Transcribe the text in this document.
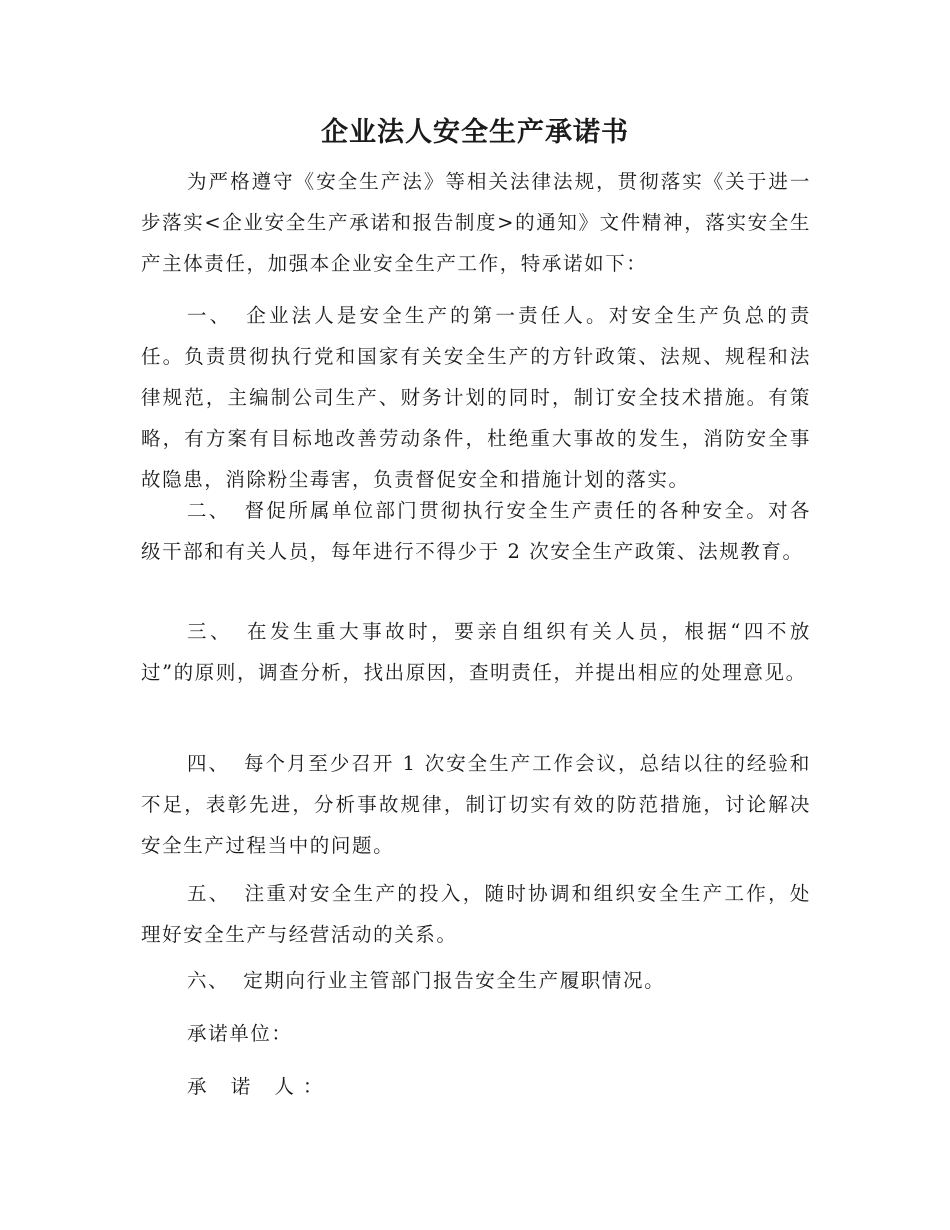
企业法人安全生产承诺书

为严格遵守《安全生产法》等相关法律法规，贯彻落实《关于进一步落实<企业安全生产承诺和报告制度>的通知》文件精神，落实安全生产主体责任，加强本企业安全生产工作，特承诺如下：

一、 企业法人是安全生产的第一责任人。对安全生产负总的责任。负责贯彻执行党和国家有关安全生产的方针政策、法规、规程和法律规范，主编制公司生产、财务计划的同时，制订安全技术措施。有策略，有方案有目标地改善劳动条件，杜绝重大事故的发生，消防安全事故隐患，消除粉尘毒害，负责督促安全和措施计划的落实。

二、 督促所属单位部门贯彻执行安全生产责任的各种安全。对各级干部和有关人员，每年进行不得少于 2 次安全生产政策、法规教育。

三、 在发生重大事故时，要亲自组织有关人员，根据“四不放过”的原则，调查分析，找出原因，查明责任，并提出相应的处理意见。

四、 每个月至少召开 1 次安全生产工作会议，总结以往的经验和不足，表彰先进，分析事故规律，制订切实有效的防范措施，讨论解决安全生产过程当中的问题。

五、 注重对安全生产的投入，随时协调和组织安全生产工作，处理好安全生产与经营活动的关系。

六、 定期向行业主管部门报告安全生产履职情况。

承诺单位：

承 诺 人：
